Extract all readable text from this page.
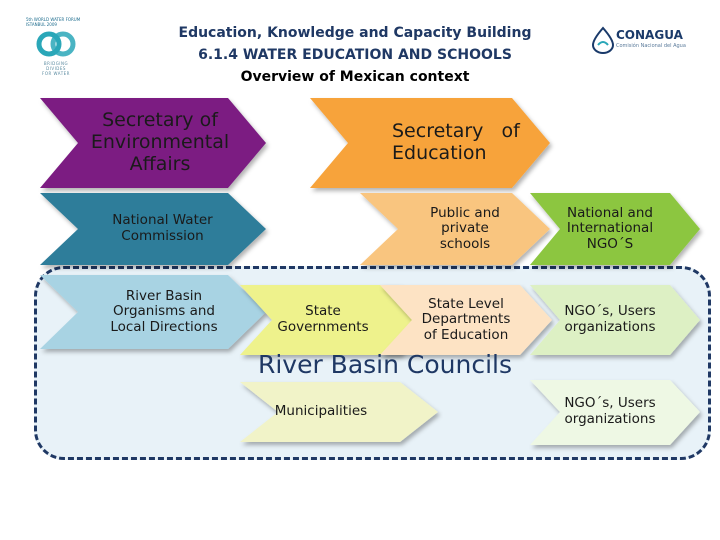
Education, Knowledge and Capacity Building
6.1.4 WATER EDUCATION AND SCHOOLS
Overview of Mexican context
5th WORLD WATER FORUM
ISTANBUL 2009
BRIDGING
DIVIDES
FOR WATER
CONAGUA
Comisión Nacional del Agua
Secretary of
Environmental
Affairs
Secretary   of
Education
National Water
Commission
Public and
private
schools
National and
International
NGO´S
River Basin
Organisms and
Local Directions
State
Governments
State Level
Departments
of Education
NGO´s, Users
organizations
River Basin Councils
Municipalities	NGO´s, Users
organizations
